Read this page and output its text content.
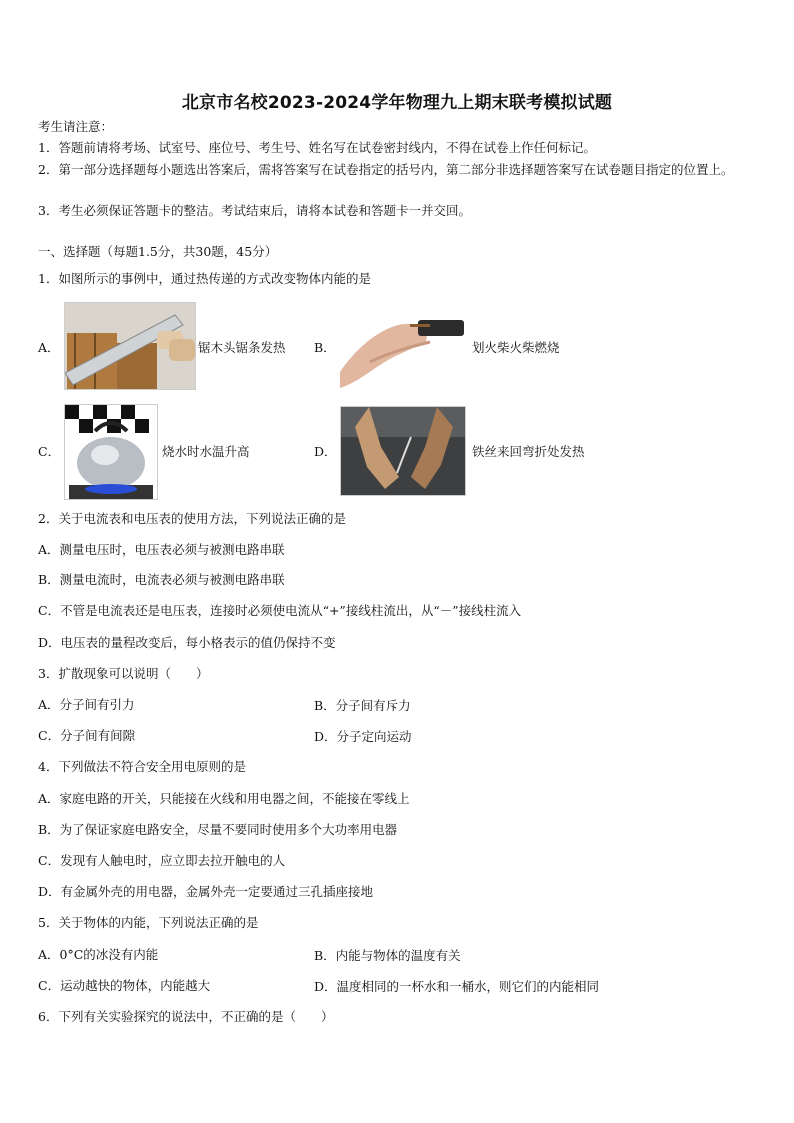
北京市名校2023-2024学年物理九上期末联考模拟试题
考生请注意：
1．答题前请将考场、试室号、座位号、考生号、姓名写在试卷密封线内，不得在试卷上作任何标记。
2．第一部分选择题每小题选出答案后，需将答案写在试卷指定的括号内，第二部分非选择题答案写在试卷题目指定的位置上。
3．考生必须保证答题卡的整洁。考试结束后，请将本试卷和答题卡一并交回。
一、选择题（每题1.5分，共30题，45分）
1．如图所示的事例中，通过热传递的方式改变物体内能的是
A．	锯木头锯条发热 B．	划火柴火柴燃烧
C．	烧水时水温升高	D．	铁丝来回弯折处发热
2．关于电流表和电压表的使用方法，下列说法正确的是
A．测量电压时，电压表必须与被测电路串联
B．测量电流时，电流表必须与被测电路串联
C．不管是电流表还是电压表，连接时必须使电流从“+”接线柱流出，从“－”接线柱流入
D．电压表的量程改变后，每小格表示的值仍保持不变
3．扩散现象可以说明（　　）
A．分子间有引力	B．分子间有斥力
C．分子间有间隙	D．分子定向运动
4．下列做法不符合安全用电原则的是
A．家庭电路的开关，只能接在火线和用电器之间，不能接在零线上
B．为了保证家庭电路安全，尽量不要同时使用多个大功率用电器
C．发现有人触电时，应立即去拉开触电的人
D．有金属外壳的用电器，金属外壳一定要通过三孔插座接地
5．关于物体的内能，下列说法正确的是
A．0°C的冰没有内能	B．内能与物体的温度有关
C．运动越快的物体，内能越大	D．温度相同的一杯水和一桶水，则它们的内能相同
6．下列有关实验探究的说法中，不正确的是（　　）
